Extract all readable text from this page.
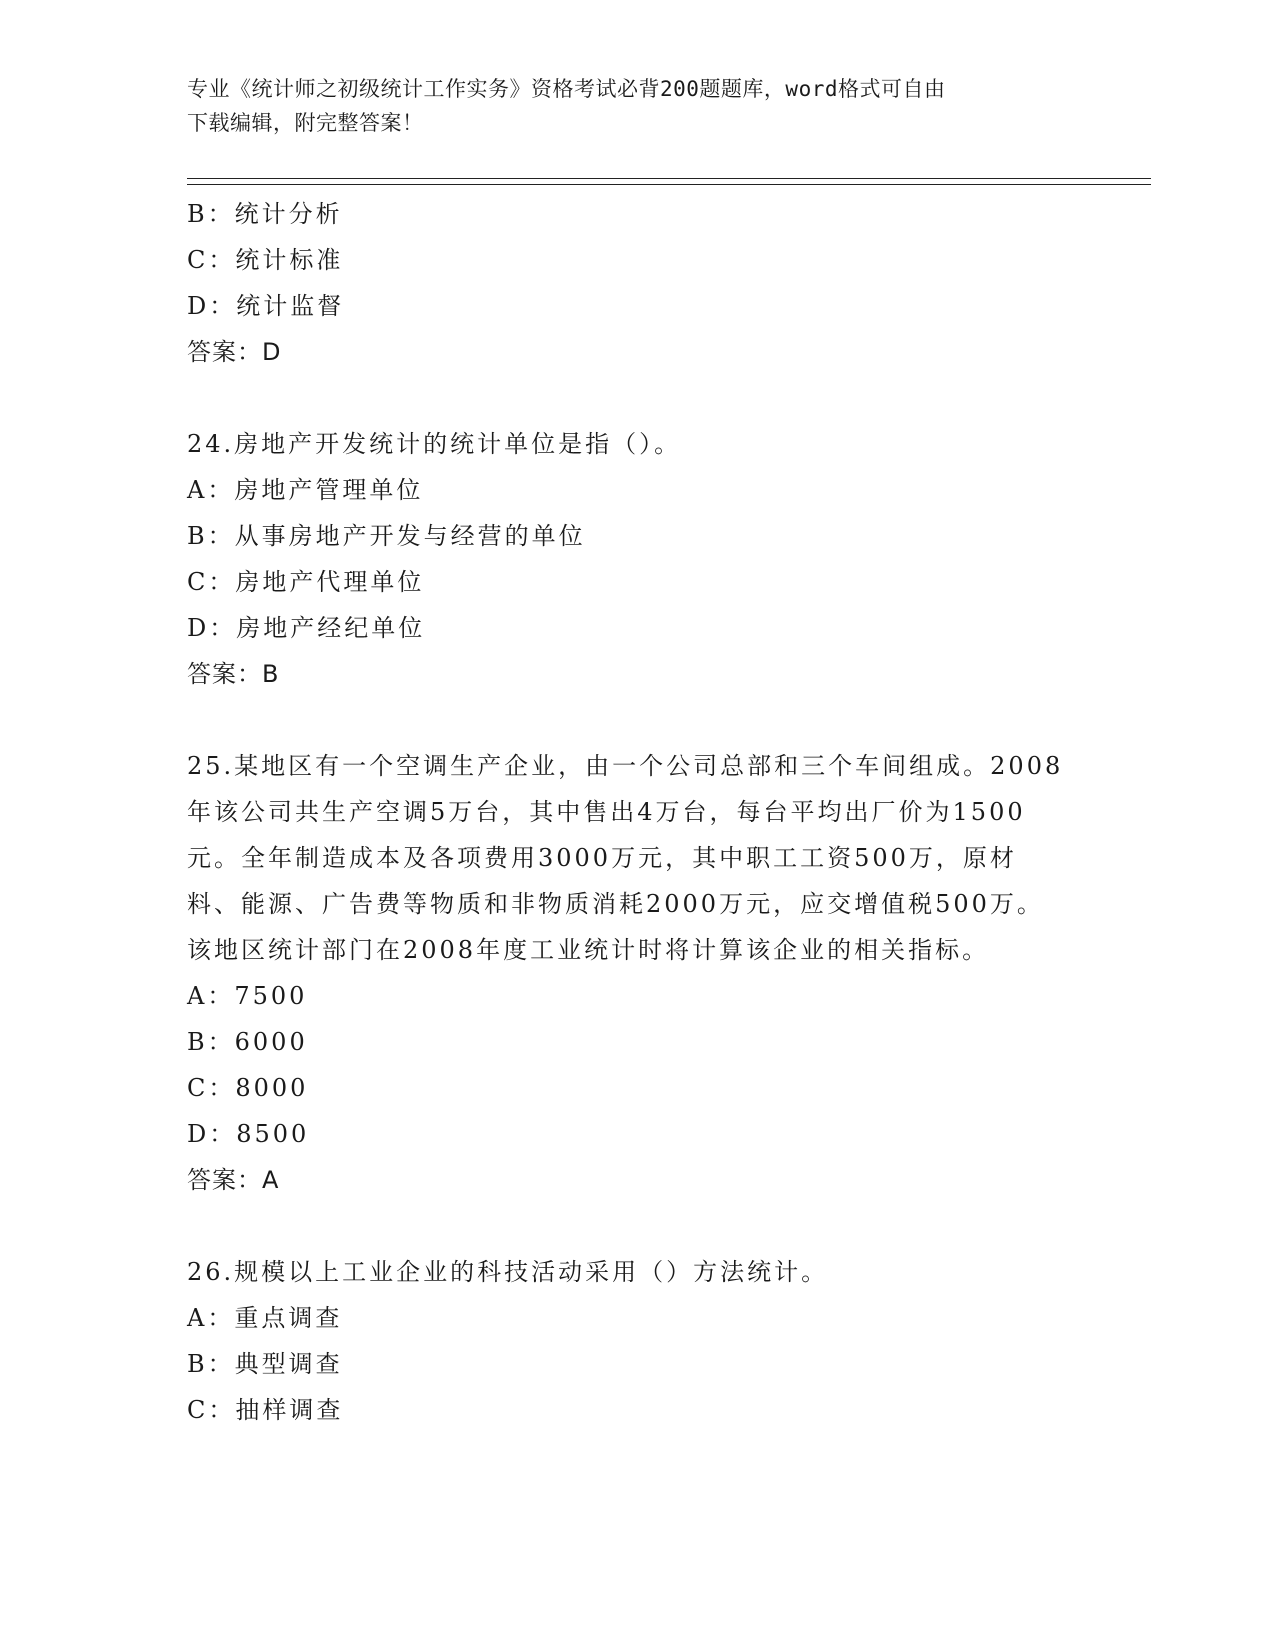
专业《统计师之初级统计工作实务》资格考试必背200题题库，word格式可自由
下载编辑，附完整答案！
B：统计分析
C：统计标准
D：统计监督
答案：D
24.房地产开发统计的统计单位是指（）。
A：房地产管理单位
B：从事房地产开发与经营的单位
C：房地产代理单位
D：房地产经纪单位
答案：B
25.某地区有一个空调生产企业，由一个公司总部和三个车间组成。2008年该公司共生产空调5万台，其中售出4万台，每台平均出厂价为1500元。全年制造成本及各项费用3000万元，其中职工工资500万，原材料、能源、广告费等物质和非物质消耗2000万元，应交增值税500万。该地区统计部门在2008年度工业统计时将计算该企业的相关指标。
A：7500
B：6000
C：8000
D：8500
答案：A
26.规模以上工业企业的科技活动采用（）方法统计。
A：重点调查
B：典型调查
C：抽样调查
